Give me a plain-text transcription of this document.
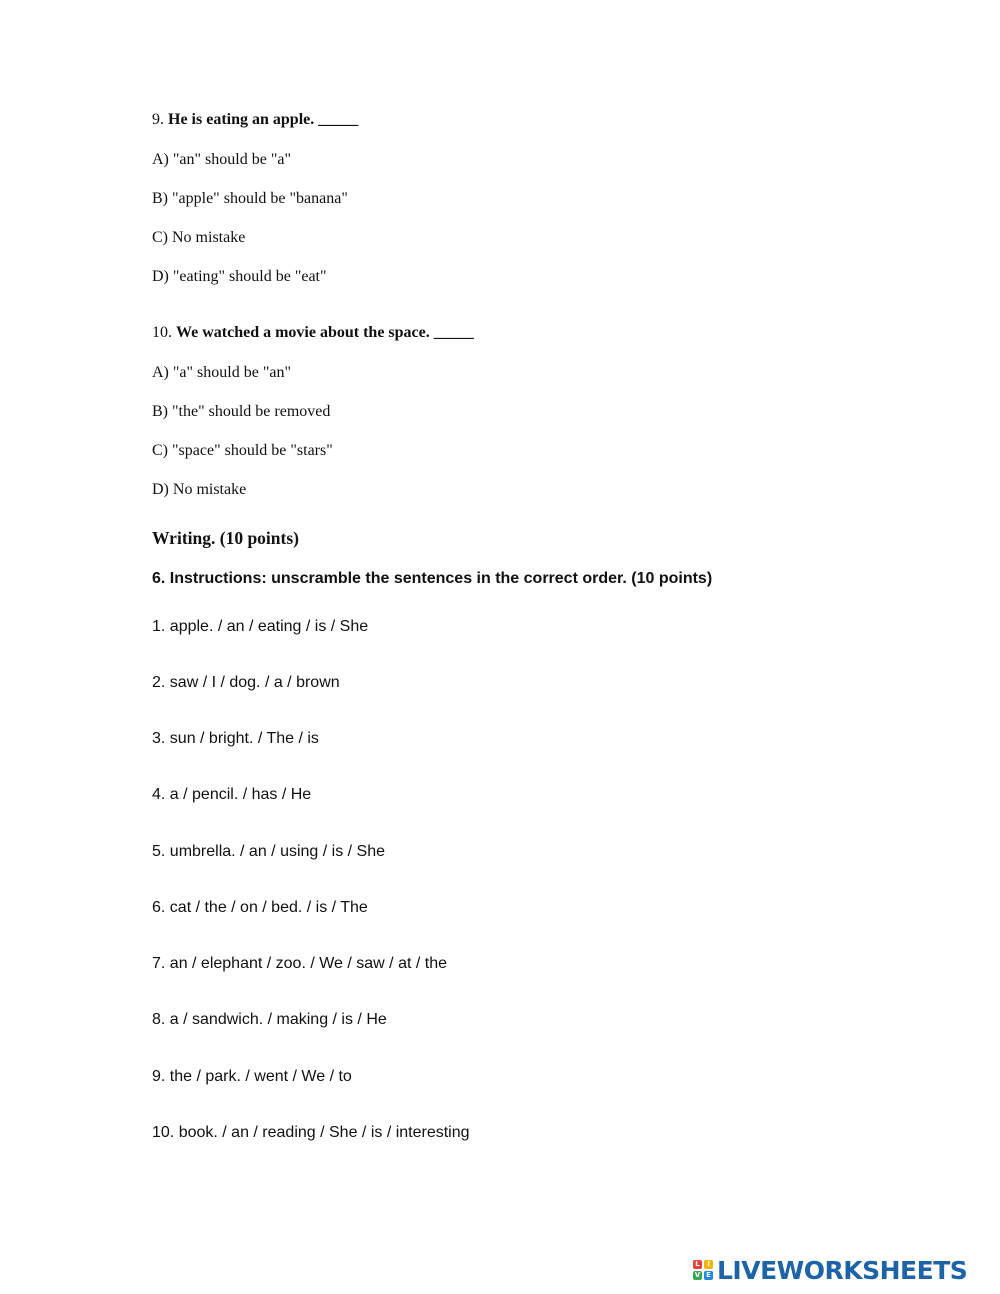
9. He is eating an apple. _____
A) "an" should be "a"
B) "apple" should be "banana"
C) No mistake
D) "eating" should be "eat"
10. We watched a movie about the space. _____
A) "a" should be "an"
B) "the" should be removed
C) "space" should be "stars"
D) No mistake
Writing. (10 points)
6. Instructions: unscramble the sentences in the correct order. (10 points)
1. apple. / an / eating / is / She
2. saw / I / dog. / a / brown
3. sun / bright. / The / is
4. a / pencil. / has / He
5. umbrella. / an / using / is / She
6. cat / the / on / bed. / is / The
7. an / elephant / zoo. / We / saw / at / the
8. a / sandwich. / making / is / He
9. the / park. / went / We / to
10. book. / an / reading / She / is / interesting
L	I
V E LIVEWORKSHEETS
